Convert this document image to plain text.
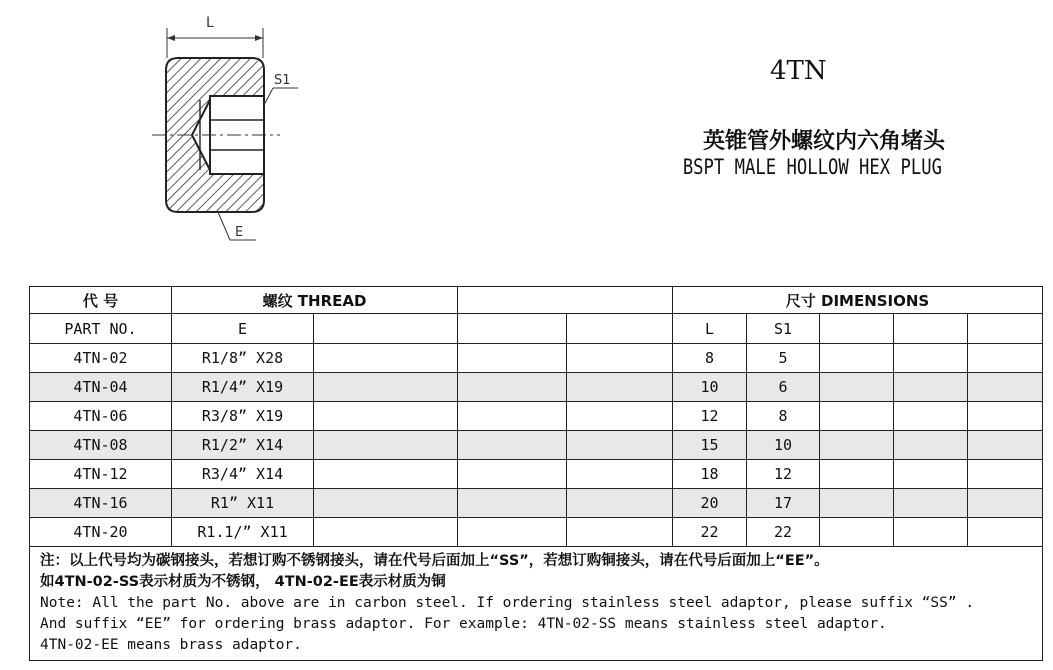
L
S1
E
4TN
英锥管外螺纹内六角堵头
BSPT MALE HOLLOW HEX PLUG
代 号	螺纹 THREAD				尺寸 DIMENSIONS				
PART NO.	E				L	S1			
4TN-02	R1/8” X28				8	5			
4TN-04	R1/4” X19				10	6			
4TN-06	R3/8” X19				12	8			
4TN-08	R1/2” X14				15	10			
4TN-12	R3/4” X14				18	12			
4TN-16	R1” X11				20	17			
4TN-20	R1.1/” X11				22	22			

注：以上代号均为碳钢接头，若想订购不锈钢接头，请在代号后面加上“SS”，若想订购铜接头，请在代号后面加上“EE”。
如4TN-02-SS表示材质为不锈钢， 4TN-02-EE表示材质为铜
Note: All the part No. above are in carbon steel. If ordering stainless steel adaptor, please suffix “SS” .
And suffix “EE” for ordering brass adaptor. For example: 4TN-02-SS means stainless steel adaptor.
4TN-02-EE means brass adaptor.									
